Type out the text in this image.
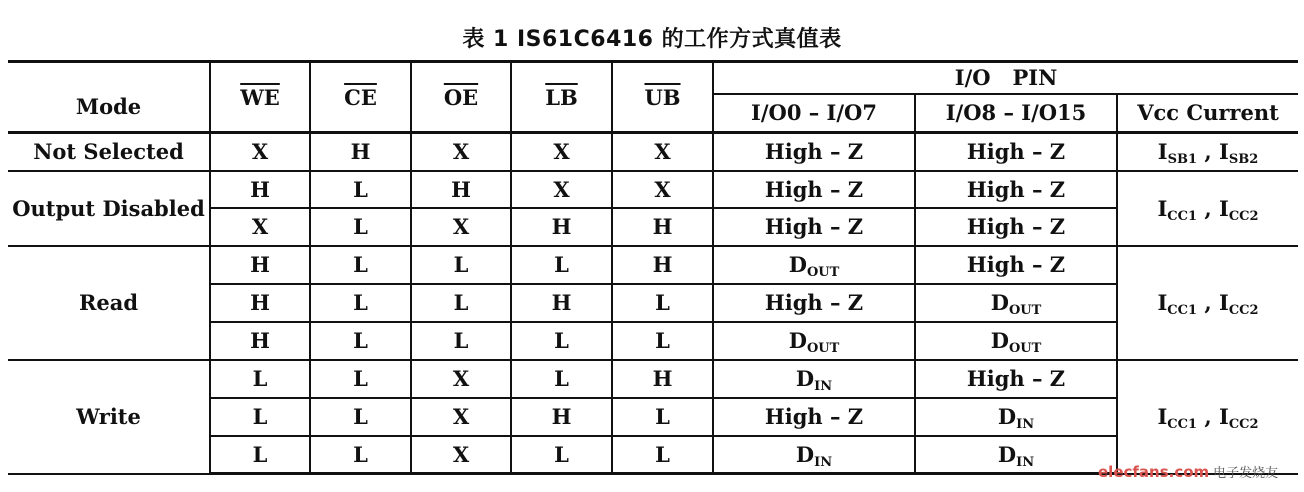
表 1 IS61C6416 的工作方式真值表
Mode	$\overline{WE}$	$\overline{CE}$	$\overline{OE}$	$\overline{LB}$	$\overline{UB}$	I/O   PIN		
						I/O0 – I/O7	I/O8 – I/O15	Vcc Current
Not Selected	X	H	X	X	X	High – Z	High – Z	$I_{SB1}$ , $I_{SB2}$
Output Disabled	H	L	H	X	X	High – Z	High – Z	$I_{CC1}$ , $I_{CC2}$
	X	L	X	H	H	High – Z	High – Z	
Read	H	L	L	L	H	$D_{OUT}$	High – Z	$I_{CC1}$ , $I_{CC2}$
	H	L	L	H	L	High – Z	$D_{OUT}$
	H	L	L	L	L	$D_{OUT}$	$D_{OUT}$
Write	L	L	X	L	H	$D_{IN}$	High – Z	$I_{CC1}$ , $I_{CC2}$
	L	L	X	H	L	High – Z	$D_{IN}$
	L	L	X	L	L	$D_{IN}$	$D_{IN}$
elecfans.com 电子发烧友
